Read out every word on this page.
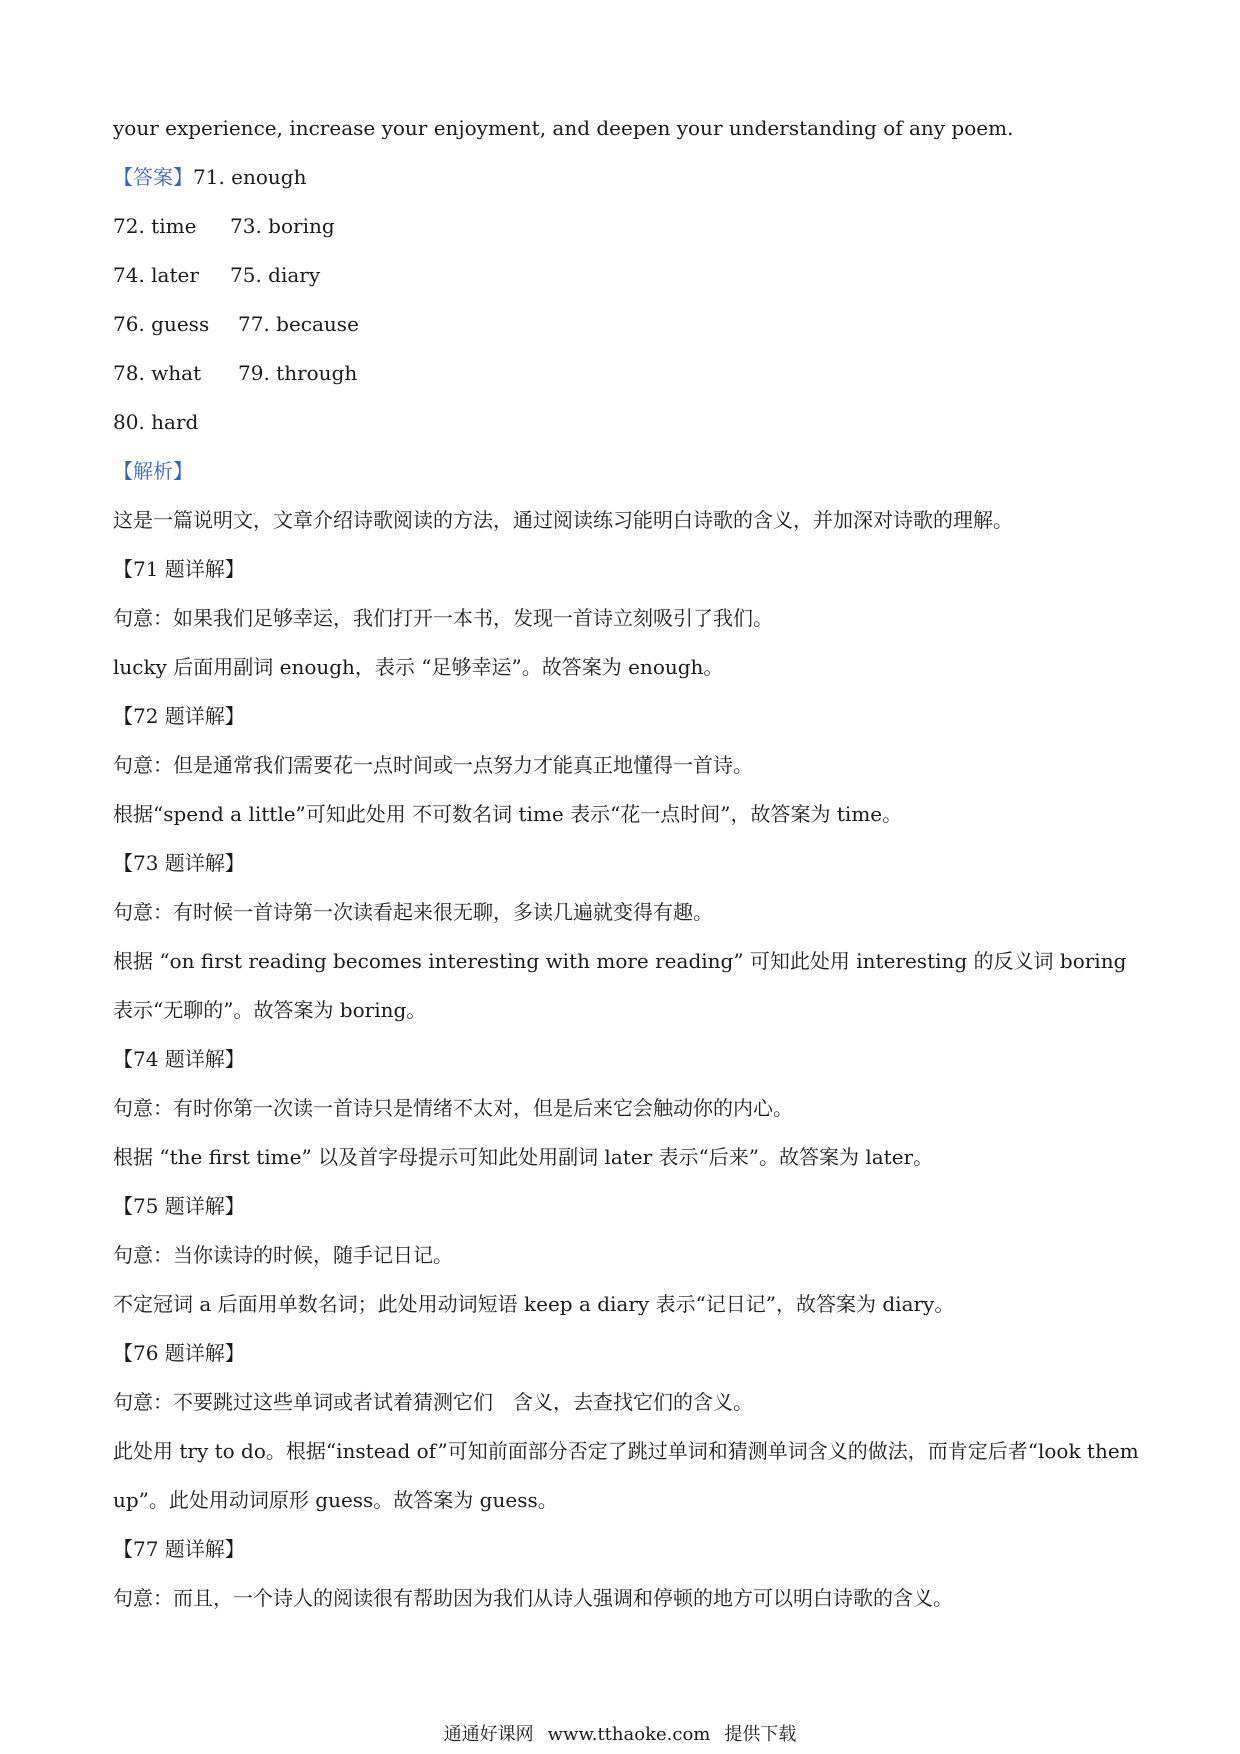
your experience, increase your enjoyment, and deepen your understanding of any poem.
【答案】71. enough
72. time	73. boring
74. later	75. diary
76. guess	77. because
78. what	79. through
80. hard
【解析】
这是一篇说明文，文章介绍诗歌阅读的方法，通过阅读练习能明白诗歌的含义，并加深对诗歌的理解。
【71 题详解】
句意：如果我们足够幸运，我们打开一本书，发现一首诗立刻吸引了我们。
lucky 后面用副词 enough，表示 “足够幸运”。故答案为 enough。
【72 题详解】
句意：但是通常我们需要花一点时间或一点努力才能真正地懂得一首诗。
根据“spend a little”可知此处用 不可数名词 time 表示“花一点时间”，故答案为 time。
【73 题详解】
句意：有时候一首诗第一次读看起来很无聊，多读几遍就变得有趣。
根据 “on first reading becomes interesting with more reading” 可知此处用 interesting 的反义词 boring 表示“无聊的”。故答案为 boring。
【74 题详解】
句意：有时你第一次读一首诗只是情绪不太对，但是后来它会触动你的内心。
根据 “the first time” 以及首字母提示可知此处用副词 later 表示“后来”。故答案为 later。
【75 题详解】
句意：当你读诗的时候，随手记日记。
不定冠词 a 后面用单数名词；此处用动词短语 keep a diary 表示“记日记”，故答案为 diary。
【76 题详解】
句意：不要跳过这些单词或者试着猜测它们　含义，去查找它们的含义。
此处用 try to do。根据“instead of”可知前面部分否定了跳过单词和猜测单词含义的做法，而肯定后者“look them up”。此处用动词原形 guess。故答案为 guess。
【77 题详解】
句意：而且，一个诗人的阅读很有帮助因为我们从诗人强调和停顿的地方可以明白诗歌的含义。
通通好课网 www.tthaoke.com 提供下载
